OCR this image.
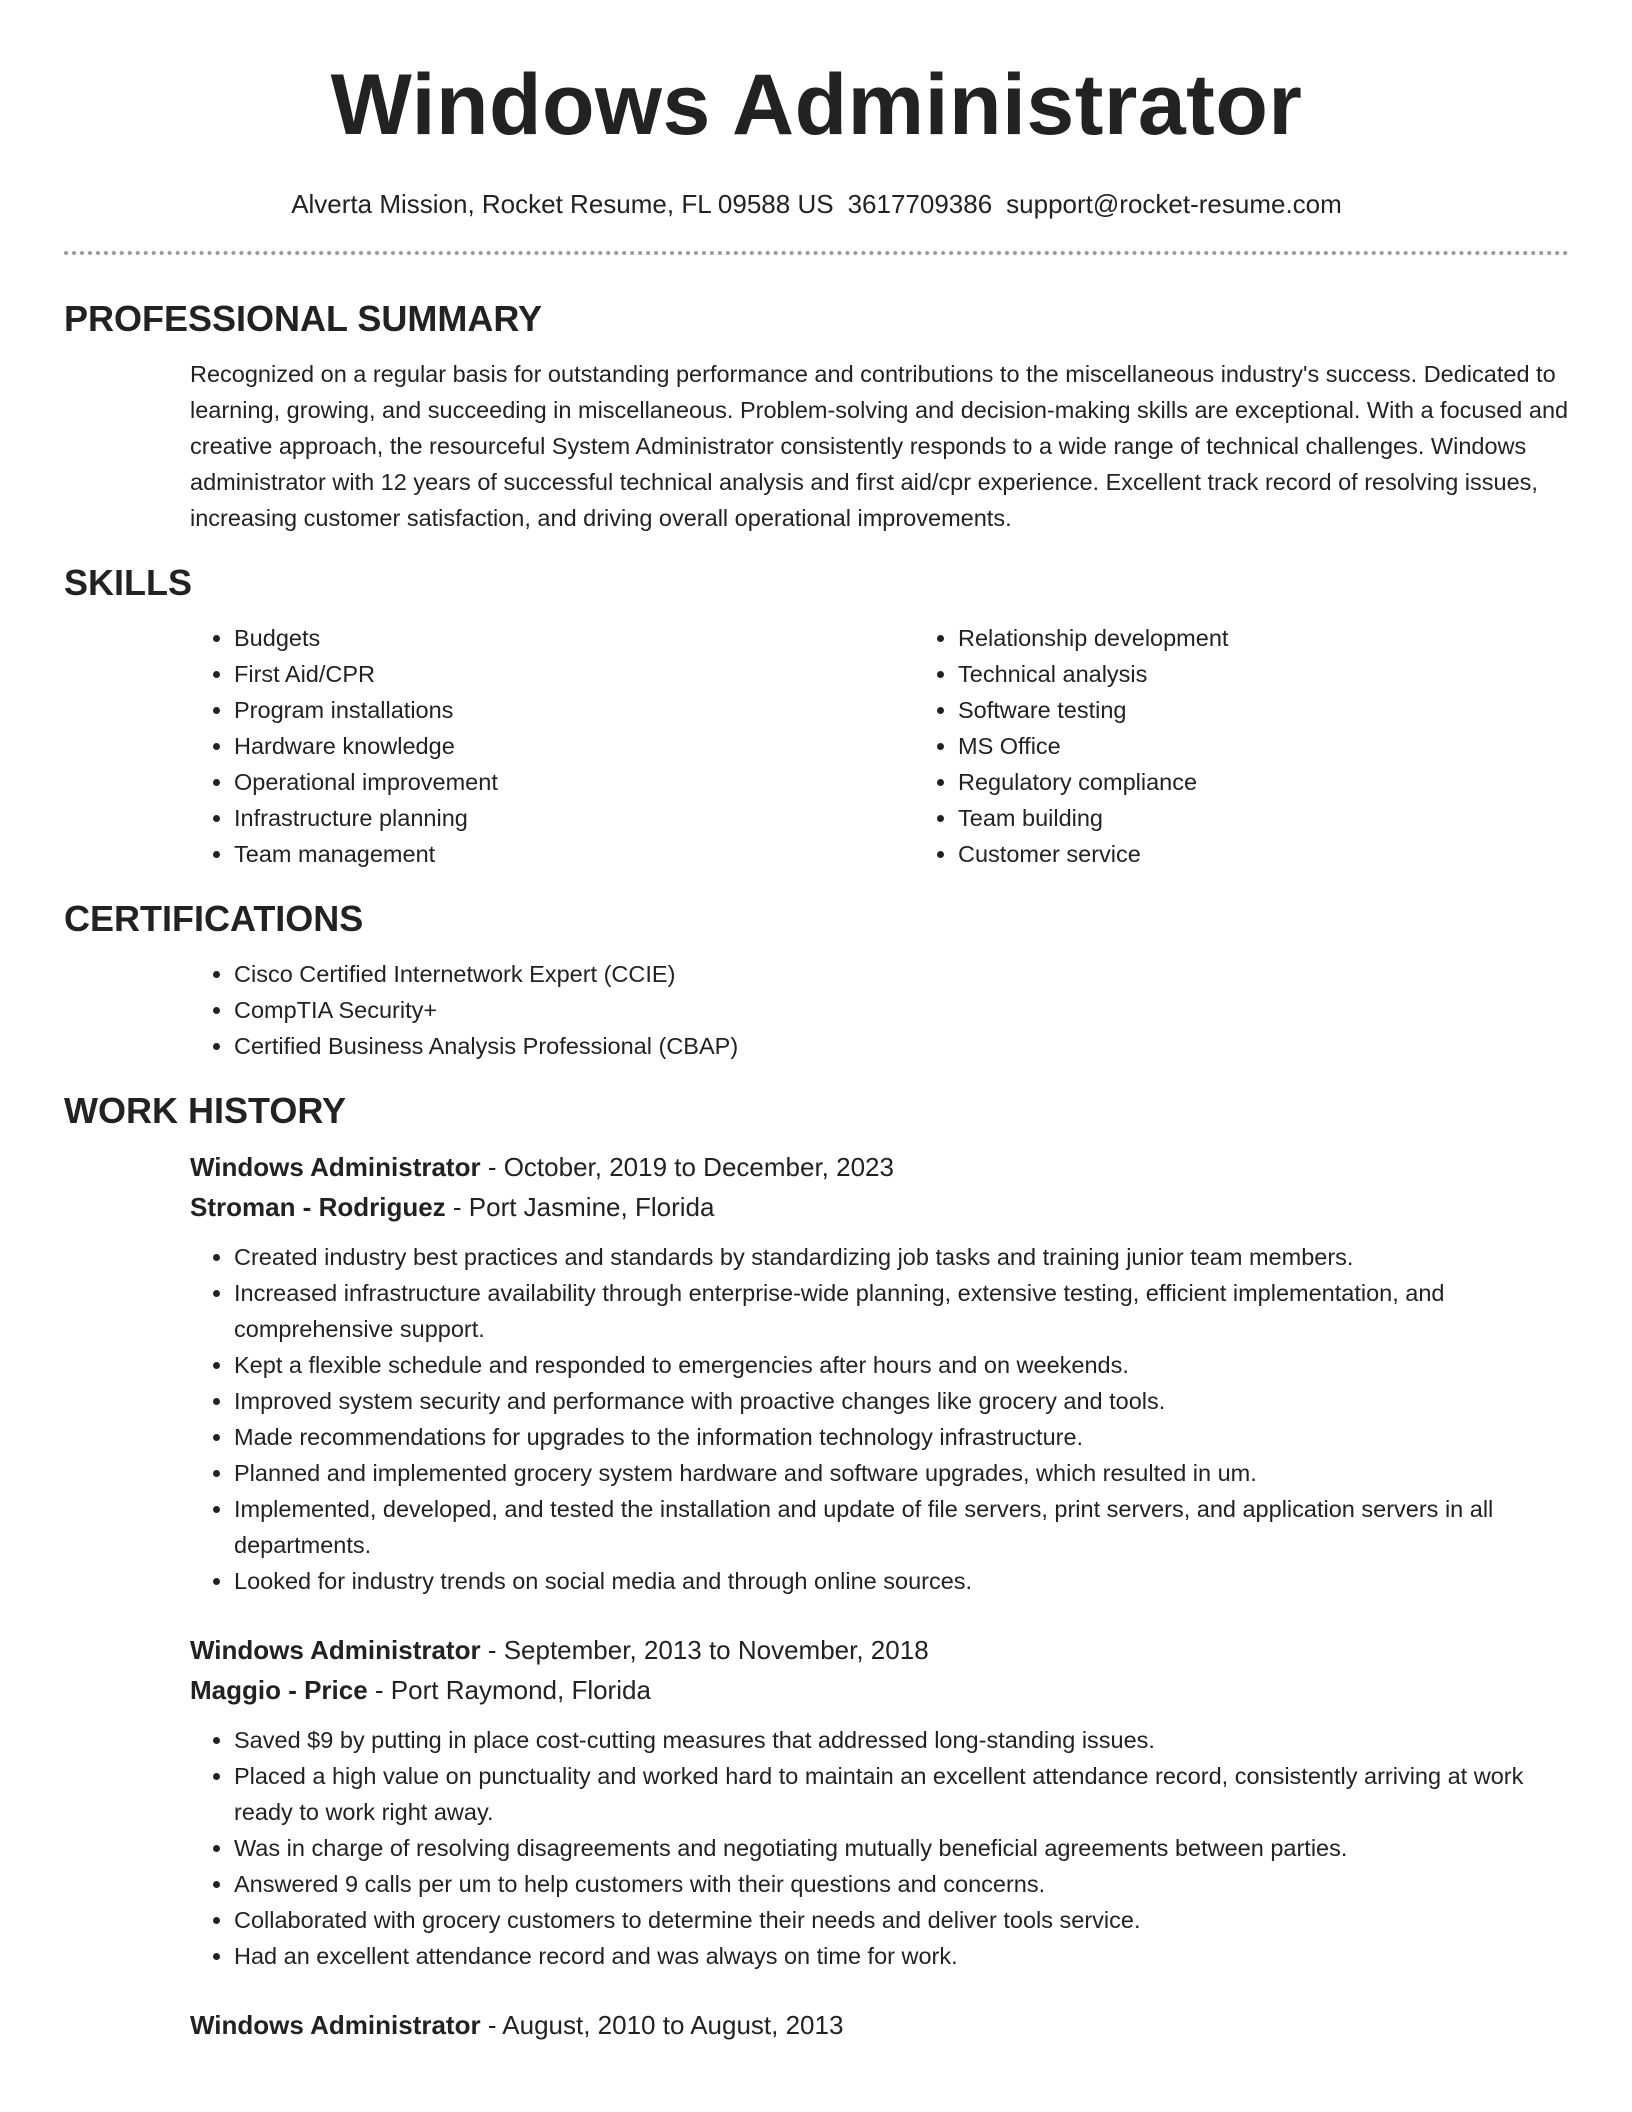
Windows Administrator
Alverta Mission, Rocket Resume, FL 09588 US 3617709386 support@rocket-resume.com
PROFESSIONAL SUMMARY

Recognized on a regular basis for outstanding performance and contributions to the miscellaneous industry's success. Dedicated to learning, growing, and succeeding in miscellaneous. Problem-solving and decision-making skills are exceptional. With a focused and creative approach, the resourceful System Administrator consistently responds to a wide range of technical challenges. Windows administrator with 12 years of successful technical analysis and first aid/cpr experience. Excellent track record of resolving issues, increasing customer satisfaction, and driving overall operational improvements.

SKILLS
• Budgets
• First Aid/CPR
• Program installations
• Hardware knowledge
• Operational improvement
• Infrastructure planning
• Team management
• Relationship development
• Technical analysis
• Software testing
• MS Office
• Regulatory compliance
• Team building
• Customer service
CERTIFICATIONS
• Cisco Certified Internetwork Expert (CCIE)
• CompTIA Security+
• Certified Business Analysis Professional (CBAP)
WORK HISTORY
Windows Administrator - October, 2019 to December, 2023
Stroman - Rodriguez - Port Jasmine, Florida
• Created industry best practices and standards by standardizing job tasks and training junior team members.
• Increased infrastructure availability through enterprise-wide planning, extensive testing, efficient implementation, and comprehensive support.
• Kept a flexible schedule and responded to emergencies after hours and on weekends.
• Improved system security and performance with proactive changes like grocery and tools.
• Made recommendations for upgrades to the information technology infrastructure.
• Planned and implemented grocery system hardware and software upgrades, which resulted in um.
• Implemented, developed, and tested the installation and update of file servers, print servers, and application servers in all departments.
• Looked for industry trends on social media and through online sources.
Windows Administrator - September, 2013 to November, 2018
Maggio - Price - Port Raymond, Florida
• Saved $9 by putting in place cost-cutting measures that addressed long-standing issues.
• Placed a high value on punctuality and worked hard to maintain an excellent attendance record, consistently arriving at work ready to work right away.
• Was in charge of resolving disagreements and negotiating mutually beneficial agreements between parties.
• Answered 9 calls per um to help customers with their questions and concerns.
• Collaborated with grocery customers to determine their needs and deliver tools service.
• Had an excellent attendance record and was always on time for work.
Windows Administrator - August, 2010 to August, 2013
